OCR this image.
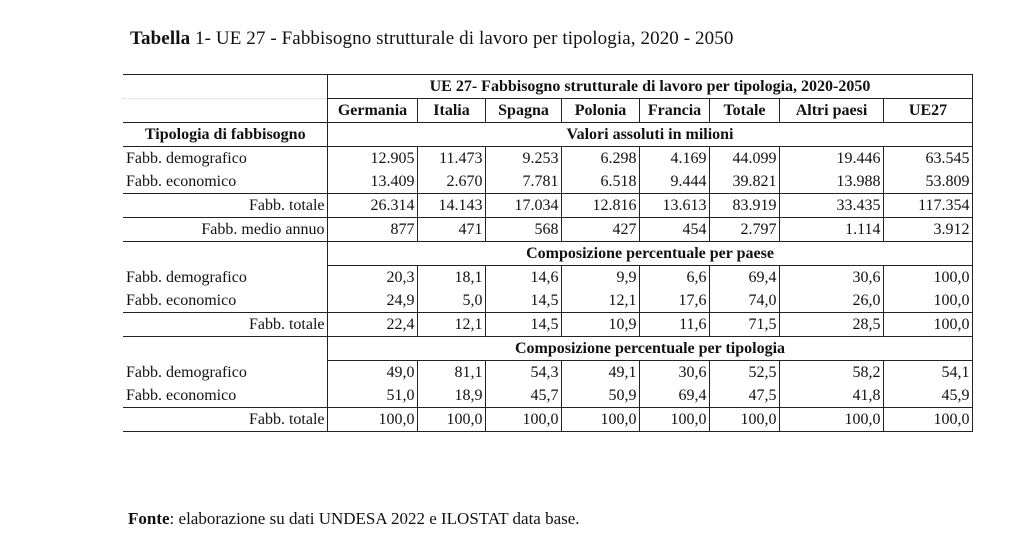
Tabella 1- UE 27 - Fabbisogno strutturale di lavoro per tipologia, 2020 - 2050
	UE 27- Fabbisogno strutturale di lavoro per tipologia, 2020-2050							
	Germania	Italia	Spagna	Polonia	Francia	Totale	Altri paesi	UE27
Tipologia di fabbisogno	Valori assoluti in milioni							
Fabb. demografico	12.905	11.473	9.253	6.298	4.169	44.099	19.446	63.545
Fabb. economico	13.409	2.670	7.781	6.518	9.444	39.821	13.988	53.809
Fabb. totale	26.314	14.143	17.034	12.816	13.613	83.919	33.435	117.354
Fabb. medio annuo	877	471	568	427	454	2.797	1.114	3.912
	Composizione percentuale per paese							
Fabb. demografico	20,3	18,1	14,6	9,9	6,6	69,4	30,6	100,0
Fabb. economico	24,9	5,0	14,5	12,1	17,6	74,0	26,0	100,0
Fabb. totale	22,4	12,1	14,5	10,9	11,6	71,5	28,5	100,0
	Composizione percentuale per tipologia							
Fabb. demografico	49,0	81,1	54,3	49,1	30,6	52,5	58,2	54,1
Fabb. economico	51,0	18,9	45,7	50,9	69,4	47,5	41,8	45,9
Fabb. totale	100,0	100,0	100,0	100,0	100,0	100,0	100,0	100,0
Fonte: elaborazione su dati UNDESA 2022 e ILOSTAT data base.
